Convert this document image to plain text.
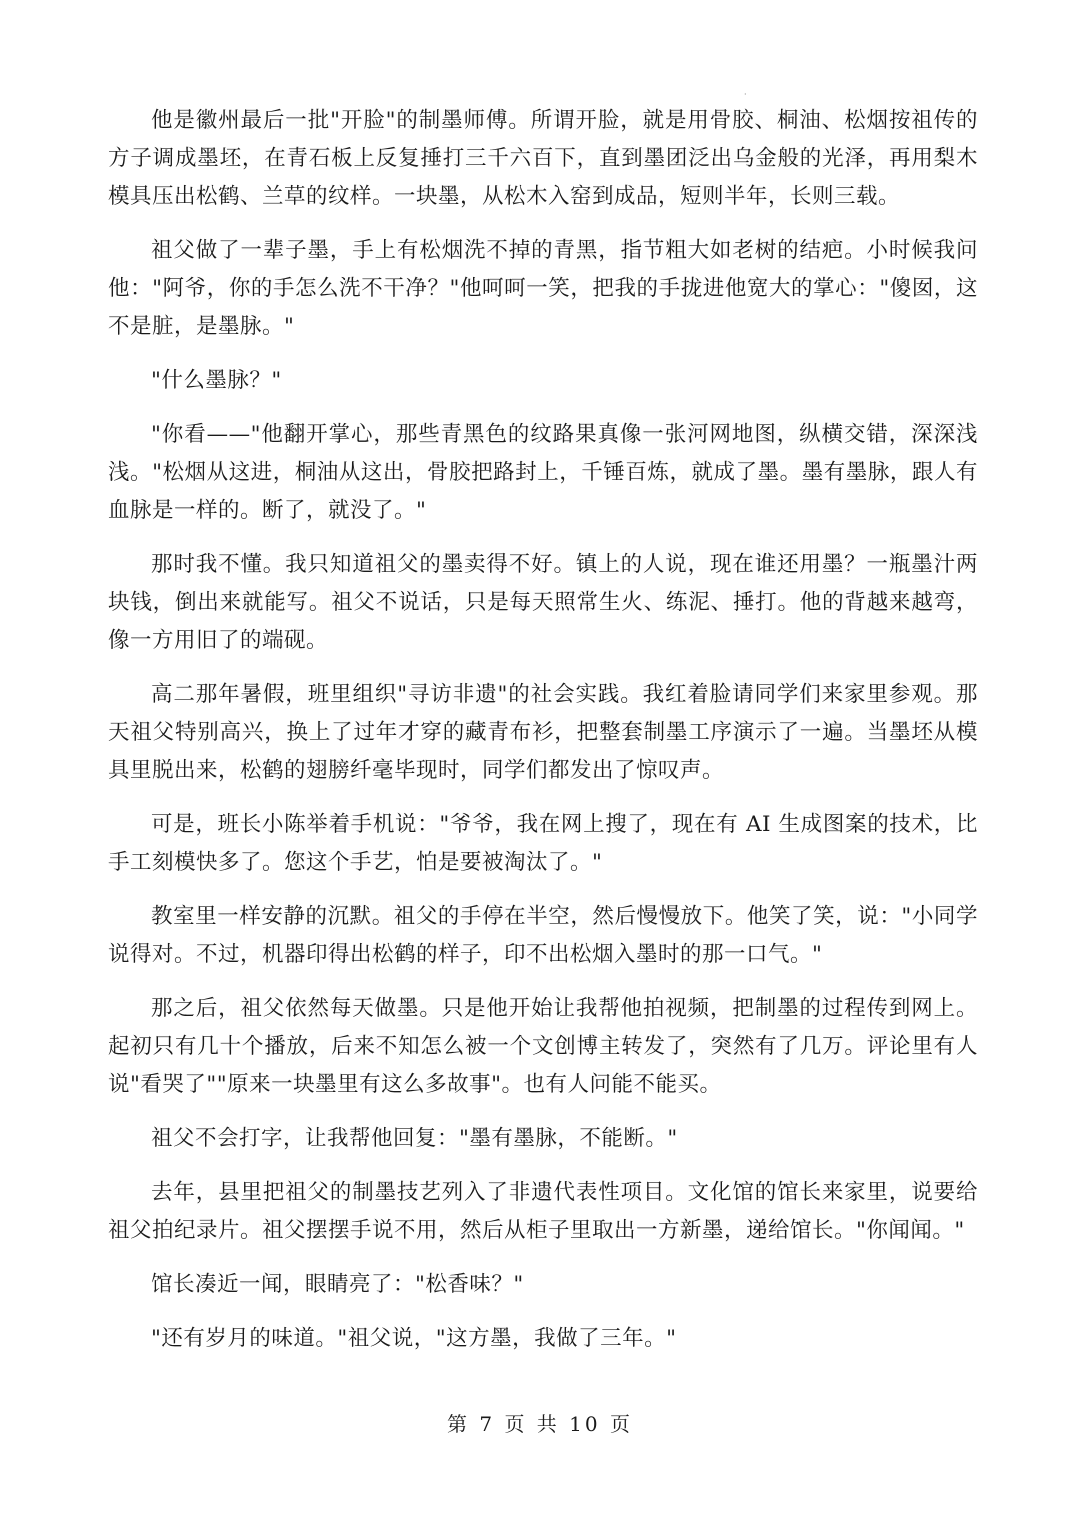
·

他是徽州最后一批"开脸"的制墨师傅。所谓开脸，就是用骨胶、桐油、松烟按祖传的方子调成墨坯，在青石板上反复捶打三千六百下，直到墨团泛出乌金般的光泽，再用梨木模具压出松鹤、兰草的纹样。一块墨，从松木入窑到成品，短则半年，长则三载。

祖父做了一辈子墨，手上有松烟洗不掉的青黑，指节粗大如老树的结疤。小时候我问他："阿爷，你的手怎么洗不干净？"他呵呵一笑，把我的手拢进他宽大的掌心："傻囡，这不是脏，是墨脉。"

"什么墨脉？"

"你看——"他翻开掌心，那些青黑色的纹路果真像一张河网地图，纵横交错，深深浅浅。"松烟从这进，桐油从这出，骨胶把路封上，千锤百炼，就成了墨。墨有墨脉，跟人有血脉是一样的。断了，就没了。"

那时我不懂。我只知道祖父的墨卖得不好。镇上的人说，现在谁还用墨？一瓶墨汁两块钱，倒出来就能写。祖父不说话，只是每天照常生火、练泥、捶打。他的背越来越弯，像一方用旧了的端砚。

高二那年暑假，班里组织"寻访非遗"的社会实践。我红着脸请同学们来家里参观。那天祖父特别高兴，换上了过年才穿的藏青布衫，把整套制墨工序演示了一遍。当墨坯从模具里脱出来，松鹤的翅膀纤毫毕现时，同学们都发出了惊叹声。

可是，班长小陈举着手机说："爷爷，我在网上搜了，现在有 AI 生成图案的技术，比手工刻模快多了。您这个手艺，怕是要被淘汰了。"

教室里一样安静的沉默。祖父的手停在半空，然后慢慢放下。他笑了笑，说："小同学说得对。不过，机器印得出松鹤的样子，印不出松烟入墨时的那一口气。"

那之后，祖父依然每天做墨。只是他开始让我帮他拍视频，把制墨的过程传到网上。起初只有几十个播放，后来不知怎么被一个文创博主转发了，突然有了几万。评论里有人说"看哭了""原来一块墨里有这么多故事"。也有人问能不能买。

祖父不会打字，让我帮他回复："墨有墨脉，不能断。"

去年，县里把祖父的制墨技艺列入了非遗代表性项目。文化馆的馆长来家里，说要给祖父拍纪录片。祖父摆摆手说不用，然后从柜子里取出一方新墨，递给馆长。"你闻闻。"

馆长凑近一闻，眼睛亮了："松香味？"

"还有岁月的味道。"祖父说，"这方墨，我做了三年。"

第 7 页 共 10 页
